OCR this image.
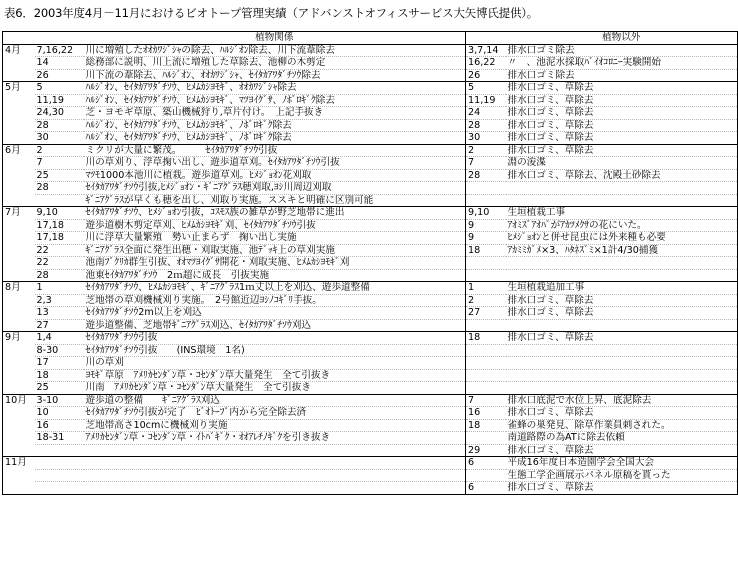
表6．2003年度4月－11月におけるビオトープ管理実績（アドバンストオフィスサービス大矢博氏提供）。
		植物関係		植物以外
4月	7,16,22	川に増殖したｵｵｶﾜｼﾞｼｬの除去、ﾊﾙｼﾞｵﾝ除去、川下流葦除去	3,7,14	排水口ゴミ除去
	14	総務部に説明、川上流に増殖した草除去、池柳の木剪定	16,22	〃　、池泥水採取ﾊﾞｲｵｺﾛﾆｰ実験開始
	26	川下流の葦除去、ﾊﾙｼﾞｵﾝ、ｵｵｶﾜｼﾞｼｬ、ｾｲﾀｶｱﾜﾀﾞﾁｿｳ除去	26	排水口ゴミ除去
5月	5	ﾊﾙｼﾞｵﾝ、ｾｲﾀｶｱﾜﾀﾞﾁｿｳ、ﾋﾒﾑｶｼﾖﾓｷﾞ、ｵｵｶﾜｼﾞｼｬ除去	5	排水口ゴミ、草除去
	11,19	ﾊﾙｼﾞｵﾝ、ｾｲﾀｶｱﾜﾀﾞﾁｿｳ、ﾋﾒﾑｶｼﾖﾓｷﾞ、ﾏﾂﾖｲｸﾞｻ、ﾉﾎﾞﾛｷﾞｸ除去	11,19	排水口ゴミ、草除去
	24,30	芝・ヨモギ草原、築山機械狩り,草片付け。　上記手抜き	24	排水口ゴミ、草除去
	28	ﾊﾙｼﾞｵﾝ、ｾｲﾀｶｱﾜﾀﾞﾁｿｳ、ﾋﾒﾑｶｼﾖﾓｷﾞ、ﾉﾎﾞﾛｷﾞｸ除去	28	排水口ゴミ、草除去
	30	ﾊﾙｼﾞｵﾝ、ｾｲﾀｶｱﾜﾀﾞﾁｿｳ、ﾋﾒﾑｶｼﾖﾓｷﾞ、ﾉﾎﾞﾛｷﾞｸ除去	30	排水口ゴミ、草除去
6月	2	ミクリが大量に繁茂。　　　ｾｲﾀｶｱﾜﾀﾞﾁｿｳ引抜	2	排水口ゴミ、草除去
	7	川の草刈り、浮草掬い出し、遊歩道草刈。ｾｲﾀｶｱﾜﾀﾞﾁｿｳ引抜	7	淵の浚渫
	25	ﾏﾂﾓ1000本池川に植栽。遊歩道草刈。ﾋﾒｼﾞｮｵﾝ花刈取	28	排水口ゴミ、草除去、沈殿土砂除去
	28	ｾｲﾀｶｱﾜﾀﾞﾁｿｳ引抜,ﾋﾒｼﾞｮｵﾝ・ｷﾞﾆｱｸﾞﾗｽ穂刈取,ﾖｼ川周辺刈取		
		ｷﾞﾆｱｸﾞﾗｽが早くも穂を出し、刈取り実施。ススキと明確に区別可能		
7月	9,10	ｾｲﾀｶｱﾜﾀﾞﾁｿｳ、ﾋﾒｼﾞｮｵﾝ引抜，ｺｽﾓｽ族の雑草が野芝地帯に進出	9,10	生垣植栽工事
	17,18	遊歩道樹木剪定草刈、ﾋﾒﾑｶｼﾖﾓｷﾞ刈、ｾｲﾀｶｱﾜﾀﾞﾁｿｳ引抜	9	ｱｵﾐｽﾞｱｵﾊﾞがｱｶﾂﾒｸｻの花にいた。
	17,18	川に浮草大量繁殖　勢い止まらず　掬い出し実施	9	ﾋﾒｼﾞｮｵﾝと併せ昆虫には外来種も必要
	22	ｷﾞﾆｱｸﾞﾗｽ全面に発生出穂・刈取実施、池ﾃﾞｯｷ上の草刈実施	18	ｱｶﾐﾐｶﾞﾒ×3、ﾊﾀﾈｽﾞﾐ×1計4/30捕獲
	22	池南ﾌﾞｸﾘｶ群生引抜、ｵｵﾏﾂﾖｲｸﾞｻ開花・刈取実施、ﾋﾒﾑｶｼﾖﾓｷﾞ刈		
	28	池東ｾｲﾀｶｱﾜﾀﾞﾁｿｳ　2ｍ超に成長　引抜実施		
8月	1	ｾｲﾀｶｱﾜﾀﾞﾁｿｳ、ﾋﾒﾑｶｼﾖﾓｷﾞ、ｷﾞﾆｱｸﾞﾗｽ1ｍ丈以上を刈込、遊歩道整備	1	生垣植栽追加工事
	2,3	芝地帯の草刈機械刈り実施。　2号館近辺ﾖｼﾉｺｷﾞﾘ手抜。	2	排水口ゴミ、草除去
	13	ｾｲﾀｶｱﾜﾀﾞﾁｿｳ2m以上を刈込	27	排水口ゴミ、草除去
	27	遊歩道整備、芝地帯ｷﾞﾆｱｸﾞﾗｽ刈込、ｾｲﾀｶｱﾜﾀﾞﾁｿｳ刈込		
9月	1,4	ｾｲﾀｶｱﾜﾀﾞﾁｿｳ引抜	18	排水口ゴミ、草除去
	8-30	ｾｲﾀｶｱﾜﾀﾞﾁｿｳ引抜　　(INS環境　1名)		
	17	川の草刈		
	18	ﾖﾓｷﾞ草原　ｱﾒﾘｶｾﾝﾀﾞﾝ草・ｺｾﾝﾀﾞﾝ草大量発生　全て引抜き		
	25	川南　ｱﾒﾘｶｾﾝﾀﾞﾝ草・ｺｾﾝﾀﾞﾝ草大量発生　全て引抜き		
10月	3-10	遊歩道の整備　　ｷﾞﾆｱｸﾞﾗｽ刈込	7	排水口底泥で水位上昇、底泥除去
	10	ｾｲﾀｶｱﾜﾀﾞﾁｿｳ引抜が完了　ﾋﾞｵﾄｰﾌﾟ内から完全除去済	16	排水口ゴミ、草除去
	16	芝地帯高さ10cmに機械刈り実施	18	雀蜂の巣発見、除草作業員刺された。
	18-31	ｱﾒﾘｶｾﾝﾀﾞﾝ草・ｺｾﾝﾀﾞﾝ草・ｲﾄﾊﾞｷﾞｸ・ｵｵｱﾚﾁﾉｷﾞｸを引き抜き		南道路際の為ATに除去依頼
			29	排水口ゴミ、草除去
11月			6	平成16年度日本造園学会全国大会
				生態工学企画展示パネル原稿を貰った
			6	排水口ゴミ、草除去
